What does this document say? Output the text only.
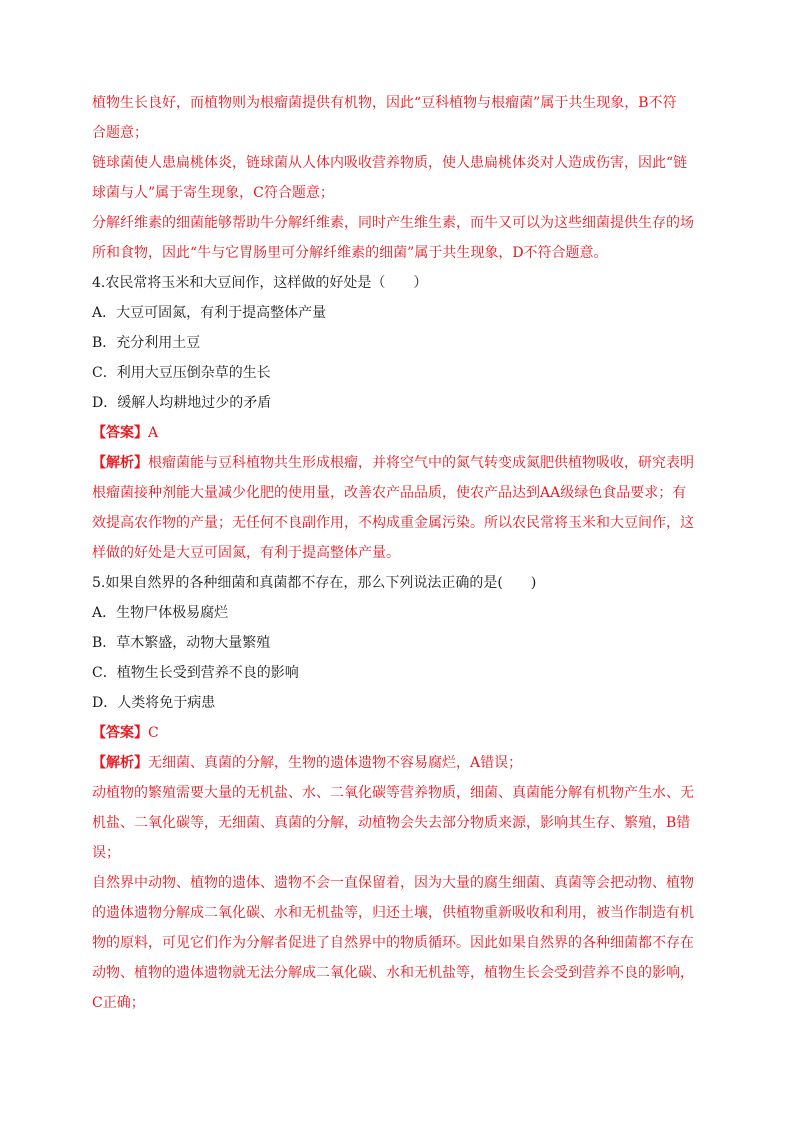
植物生长良好，而植物则为根瘤菌提供有机物，因此“豆科植物与根瘤菌”属于共生现象，B不符
合题意；
链球菌使人患扁桃体炎，链球菌从人体内吸收营养物质，使人患扁桃体炎对人造成伤害，因此“链
球菌与人”属于寄生现象，C符合题意；
分解纤维素的细菌能够帮助牛分解纤维素，同时产生维生素，而牛又可以为这些细菌提供生存的场
所和食物，因此“牛与它胃肠里可分解纤维素的细菌”属于共生现象，D不符合题意。
4.农民常将玉米和大豆间作，这样做的好处是（　　）
A．大豆可固氮，有利于提高整体产量
B．充分利用土豆
C．利用大豆压倒杂草的生长
D．缓解人均耕地过少的矛盾
【答案】A
【解析】根瘤菌能与豆科植物共生形成根瘤，并将空气中的氮气转变成氮肥供植物吸收，研究表明
根瘤菌接种剂能大量减少化肥的使用量，改善农产品品质，使农产品达到AA级绿色食品要求；有
效提高农作物的产量；无任何不良副作用，不构成重金属污染。所以农民常将玉米和大豆间作，这
样做的好处是大豆可固氮，有利于提高整体产量。
5.如果自然界的各种细菌和真菌都不存在，那么下列说法正确的是(　　)
A．生物尸体极易腐烂
B．草木繁盛，动物大量繁殖
C．植物生长受到营养不良的影响
D．人类将免于病患
【答案】C
【解析】无细菌、真菌的分解，生物的遗体遗物不容易腐烂，A错误；
动植物的繁殖需要大量的无机盐、水、二氧化碳等营养物质，细菌、真菌能分解有机物产生水、无
机盐、二氧化碳等，无细菌、真菌的分解，动植物会失去部分物质来源，影响其生存、繁殖，B错
误；
自然界中动物、植物的遗体、遗物不会一直保留着，因为大量的腐生细菌、真菌等会把动物、植物
的遗体遗物分解成二氧化碳、水和无机盐等，归还土壤，供植物重新吸收和利用，被当作制造有机
物的原料，可见它们作为分解者促进了自然界中的物质循环。因此如果自然界的各种细菌都不存在
动物、植物的遗体遗物就无法分解成二氧化碳、水和无机盐等，植物生长会受到营养不良的影响，
C正确；
